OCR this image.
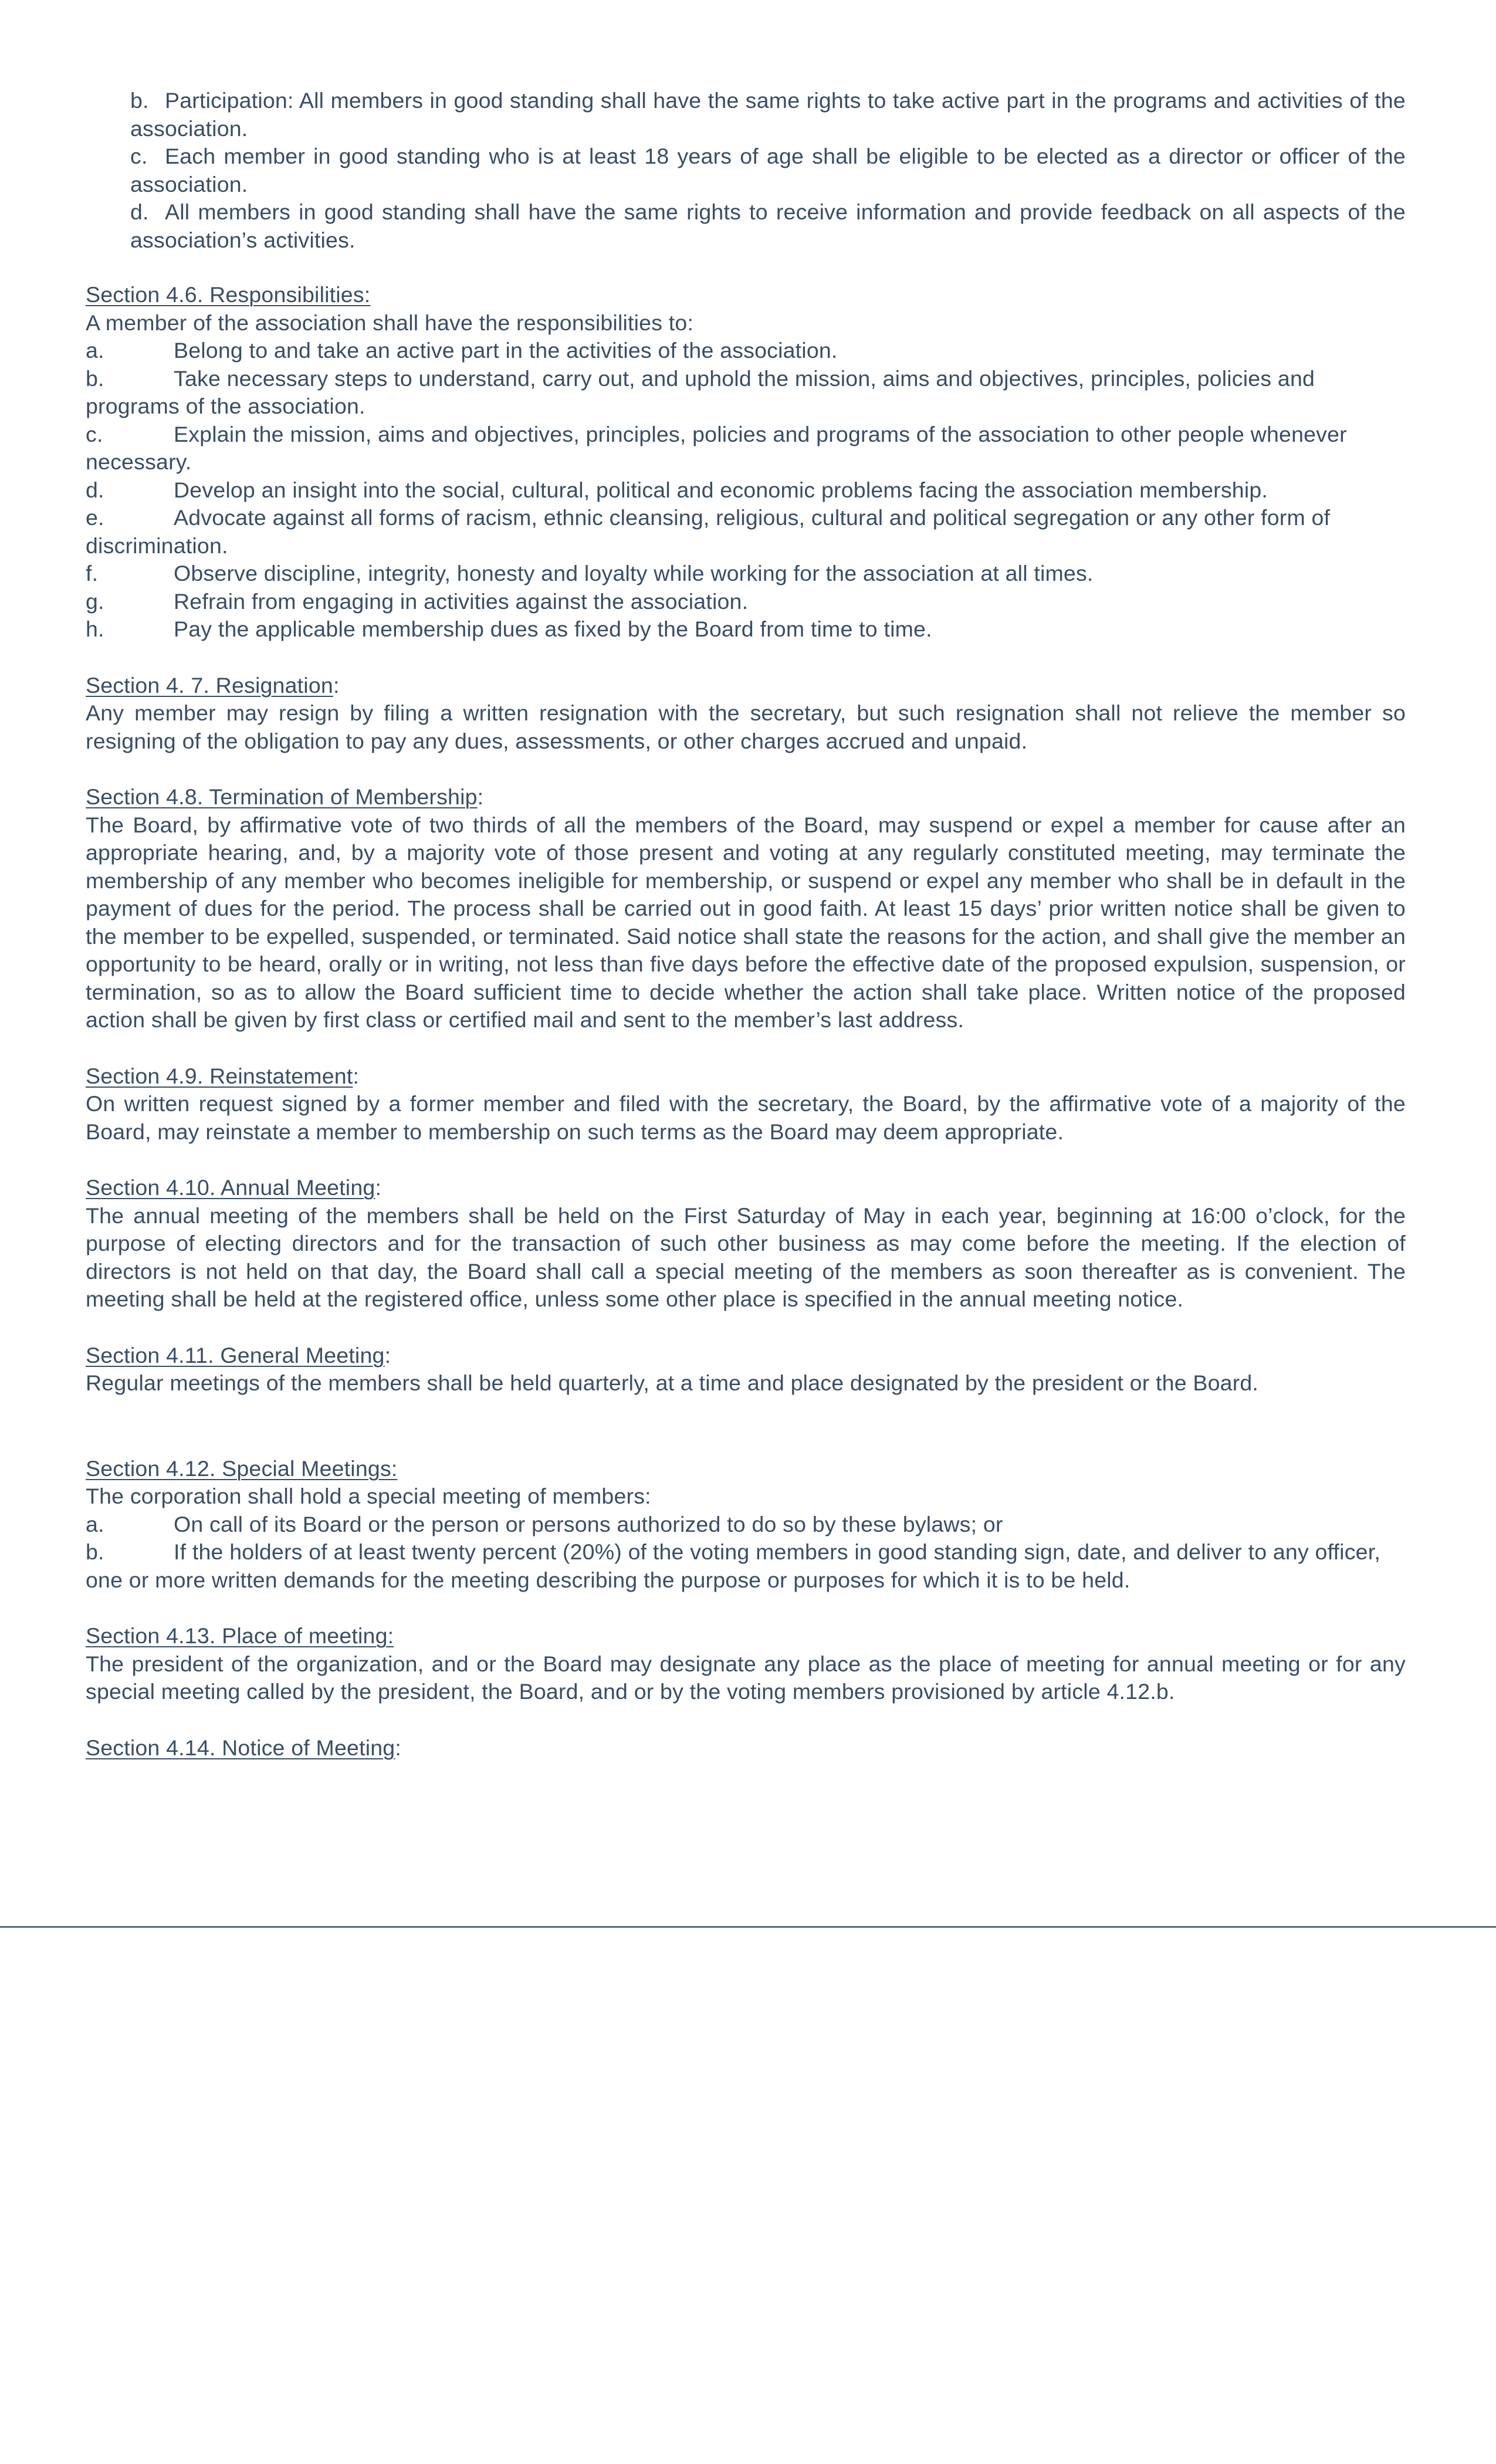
b. Participation: All members in good standing shall have the same rights to take active part in the programs and activities of the association.
c. Each member in good standing who is at least 18 years of age shall be eligible to be elected as a director or officer of the association.
d. All members in good standing shall have the same rights to receive information and provide feedback on all aspects of the association’s activities.
Section 4.6. Responsibilities:
A member of the association shall have the responsibilities to:
a.	Belong to and take an active part in the activities of the association.
b.	Take necessary steps to understand, carry out, and uphold the mission, aims and objectives, principles, policies and programs of the association.
c.	Explain the mission, aims and objectives, principles, policies and programs of the association to other people whenever necessary.
d.	Develop an insight into the social, cultural, political and economic problems facing the association membership.
e.	Advocate against all forms of racism, ethnic cleansing, religious, cultural and political segregation or any other form of discrimination.
f.	Observe discipline, integrity, honesty and loyalty while working for the association at all times.
g.	Refrain from engaging in activities against the association.
h.	Pay the applicable membership dues as fixed by the Board from time to time.
Section 4. 7. Resignation:
Any member may resign by filing a written resignation with the secretary, but such resignation shall not relieve the member so resigning of the obligation to pay any dues, assessments, or other charges accrued and unpaid.
Section 4.8. Termination of Membership:
The Board, by affirmative vote of two thirds of all the members of the Board, may suspend or expel a member for cause after an appropriate hearing, and, by a majority vote of those present and voting at any regularly constituted meeting, may terminate the membership of any member who becomes ineligible for membership, or suspend or expel any member who shall be in default in the payment of dues for the period. The process shall be carried out in good faith. At least 15 days’ prior written notice shall be given to the member to be expelled, suspended, or terminated. Said notice shall state the reasons for the action, and shall give the member an opportunity to be heard, orally or in writing, not less than five days before the effective date of the proposed expulsion, suspension, or termination, so as to allow the Board sufficient time to decide whether the action shall take place. Written notice of the proposed action shall be given by first class or certified mail and sent to the member’s last address.
Section 4.9. Reinstatement:
On written request signed by a former member and filed with the secretary, the Board, by the affirmative vote of a majority of the Board, may reinstate a member to membership on such terms as the Board may deem appropriate.
Section 4.10. Annual Meeting:
The annual meeting of the members shall be held on the First Saturday of May in each year, beginning at 16:00 o’clock, for the purpose of electing directors and for the transaction of such other business as may come before the meeting. If the election of directors is not held on that day, the Board shall call a special meeting of the members as soon thereafter as is convenient. The meeting shall be held at the registered office, unless some other place is specified in the annual meeting notice.
Section 4.11. General Meeting:
Regular meetings of the members shall be held quarterly, at a time and place designated by the president or the Board.
Section 4.12. Special Meetings:
The corporation shall hold a special meeting of members:
a.	On call of its Board or the person or persons authorized to do so by these bylaws; or
b.	If the holders of at least twenty percent (20%) of the voting members in good standing sign, date, and deliver to any officer, one or more written demands for the meeting describing the purpose or purposes for which it is to be held.
Section 4.13. Place of meeting:
The president of the organization, and or the Board may designate any place as the place of meeting for annual meeting or for any special meeting called by the president, the Board, and or by the voting members provisioned by article 4.12.b.
Section 4.14. Notice of Meeting:
